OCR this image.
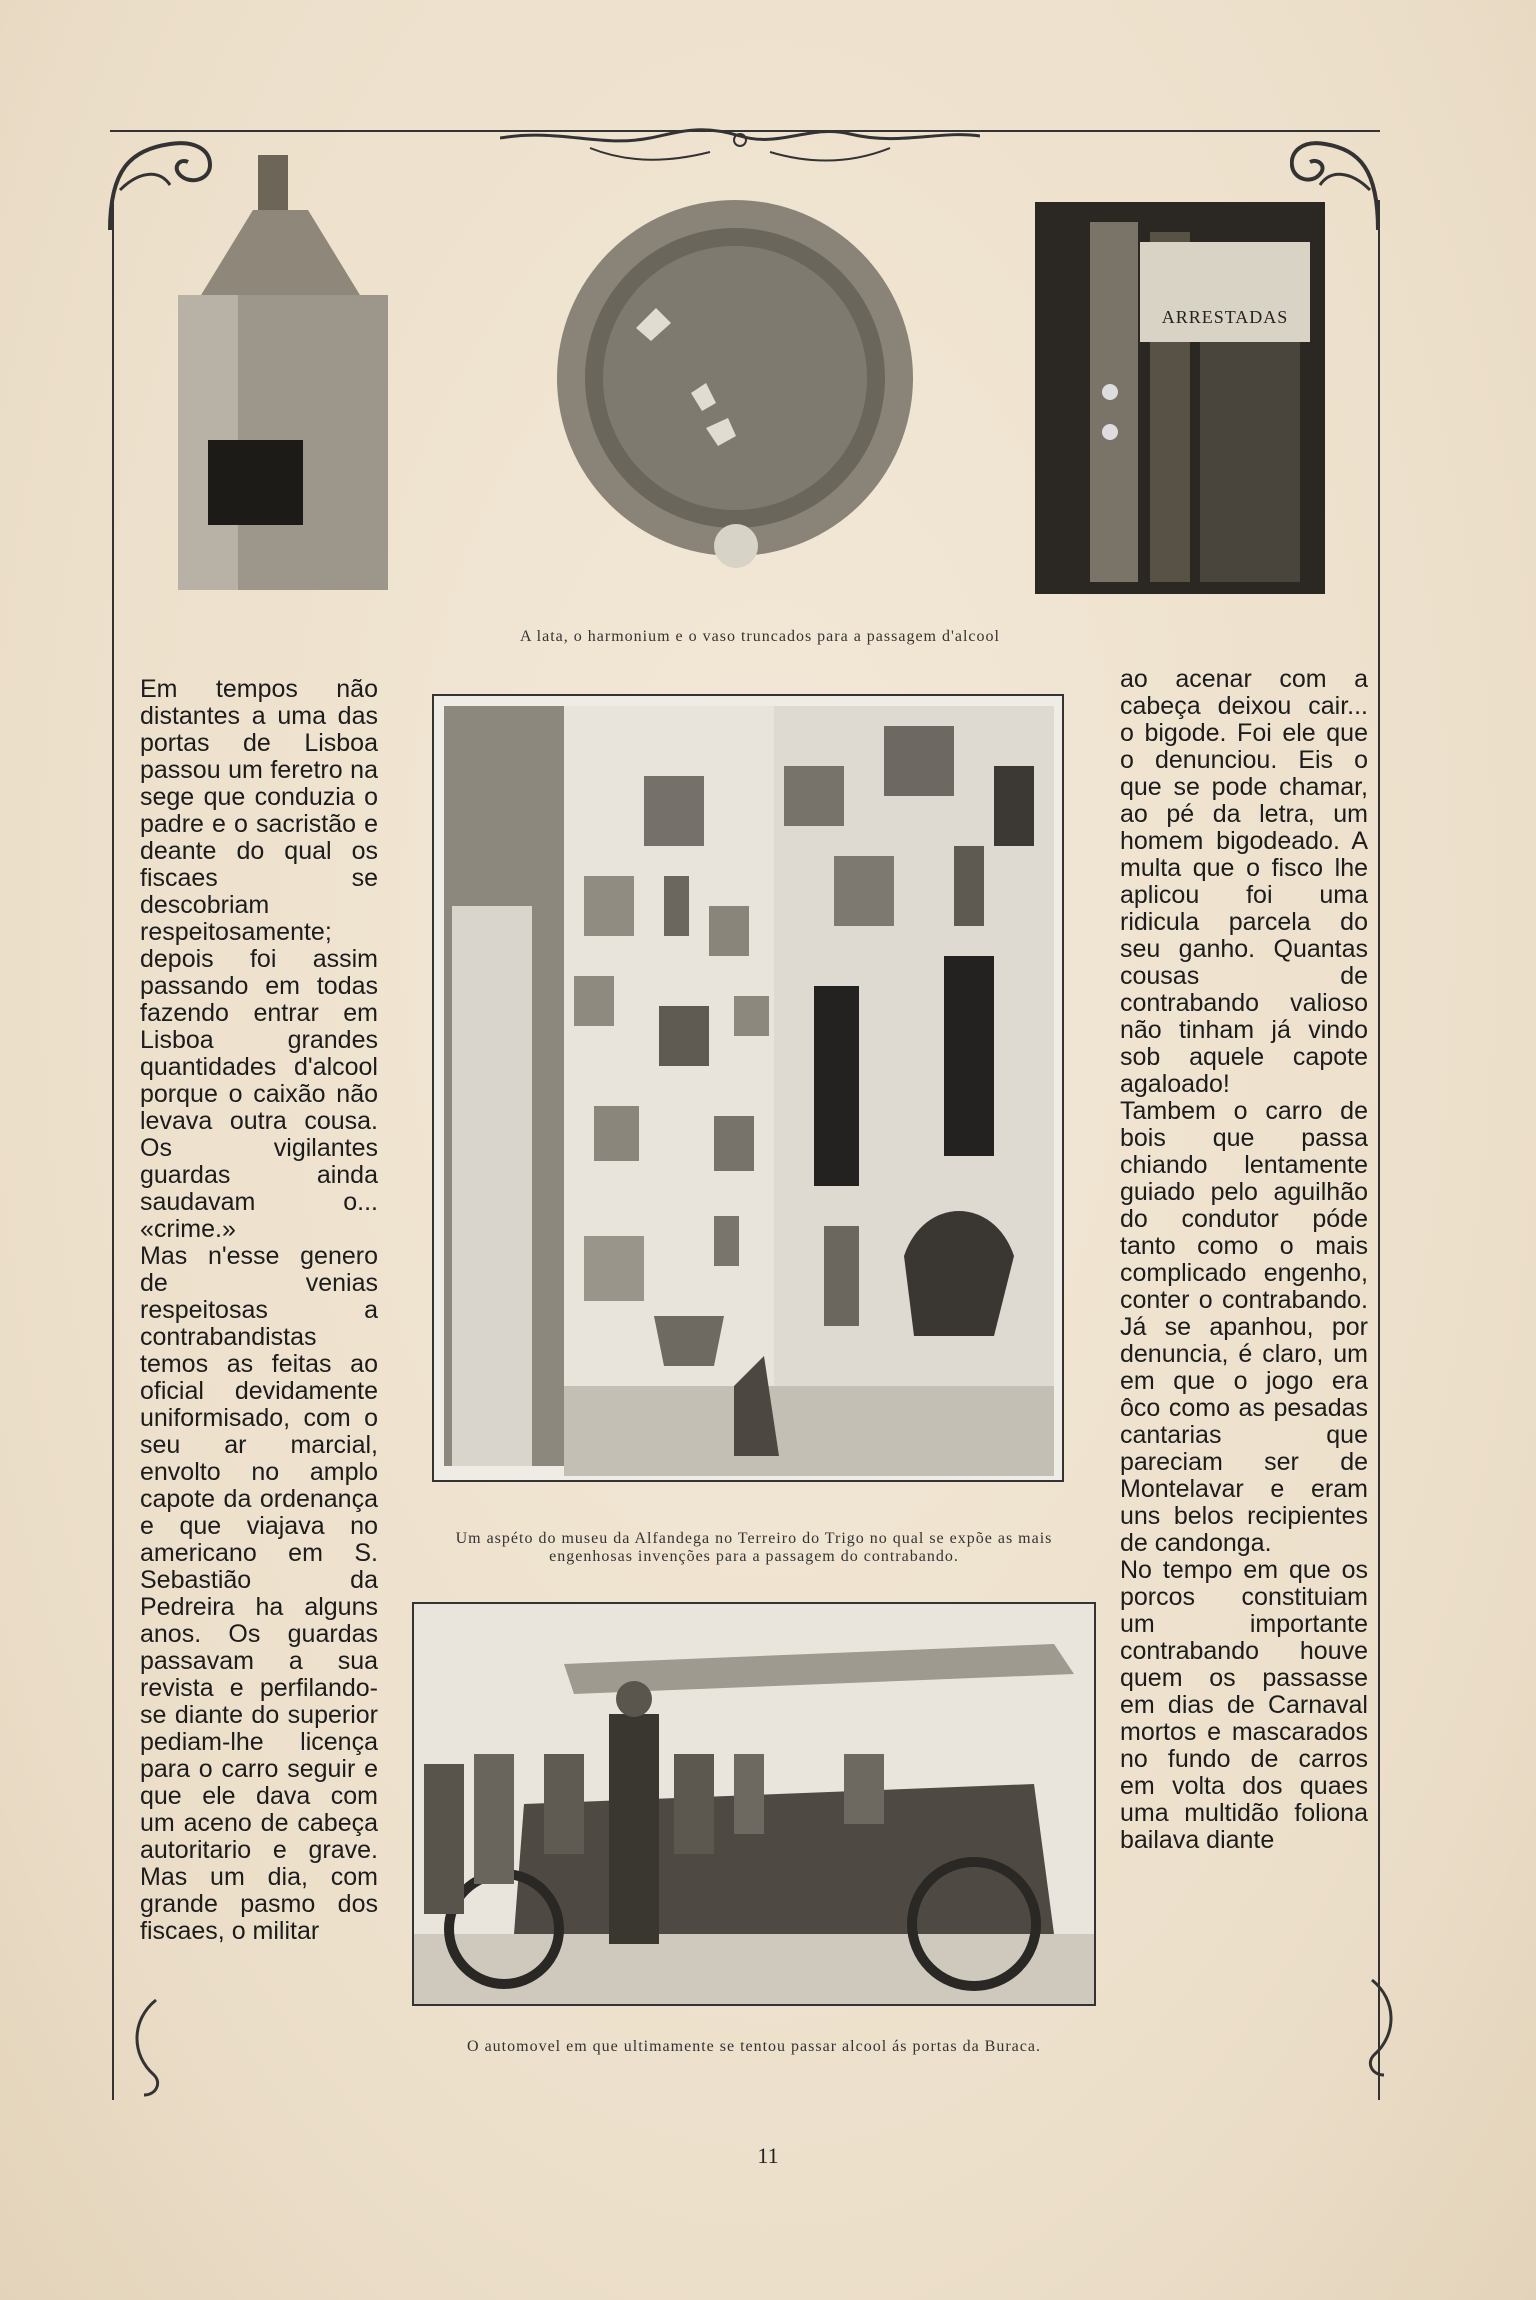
ARRESTADAS
A lata, o harmonium e o vaso truncados para a passagem d'alcool
Um aspéto do museu da Alfandega no Terreiro do Trigo no qual se expõe as mais engenhosas invenções para a passagem do contrabando.
O automovel em que ultimamente se tentou passar alcool ás portas da Buraca.

Em tempos não distantes a uma das portas de Lisboa passou um feretro na sege que conduzia o padre e o sacristão e deante do qual os fiscaes se descobriam respeitosamente; depois foi assim passando em todas fazendo entrar em Lisboa grandes quantidades d'alcool porque o caixão não levava outra cousa. Os vigilantes guardas ainda saudavam o... «crime.»
Mas n'esse genero de venias respeitosas a contrabandistas temos as feitas ao oficial devidamente uniformisado, com o seu ar marcial, envolto no amplo capote da ordenança e que viajava no americano em S. Sebastião da Pedreira ha alguns anos. Os guardas passavam a sua revista e perfilando-se diante do superior pediam-lhe licença para o carro seguir e que ele dava com um aceno de cabeça autoritario e grave. Mas um dia, com grande pasmo dos fiscaes, o militar

ao acenar com a cabeça deixou cair... o bigode. Foi ele que o denunciou. Eis o que se pode chamar, ao pé da letra, um homem bigodeado. A multa que o fisco lhe aplicou foi uma ridicula parcela do seu ganho. Quantas cousas de contrabando valioso não tinham já vindo sob aquele capote agaloado!
Tambem o carro de bois que passa chiando lentamente guiado pelo aguilhão do condutor póde tanto como o mais complicado engenho, conter o contrabando. Já se apanhou, por denuncia, é claro, um em que o jogo era ôco como as pesadas cantarias que pareciam ser de Montelavar e eram uns belos recipientes de candonga.
No tempo em que os porcos constituiam um importante contrabando houve quem os passasse em dias de Carnaval mortos e mascarados no fundo de carros em volta dos quaes uma multidão foliona bailava diante

11
